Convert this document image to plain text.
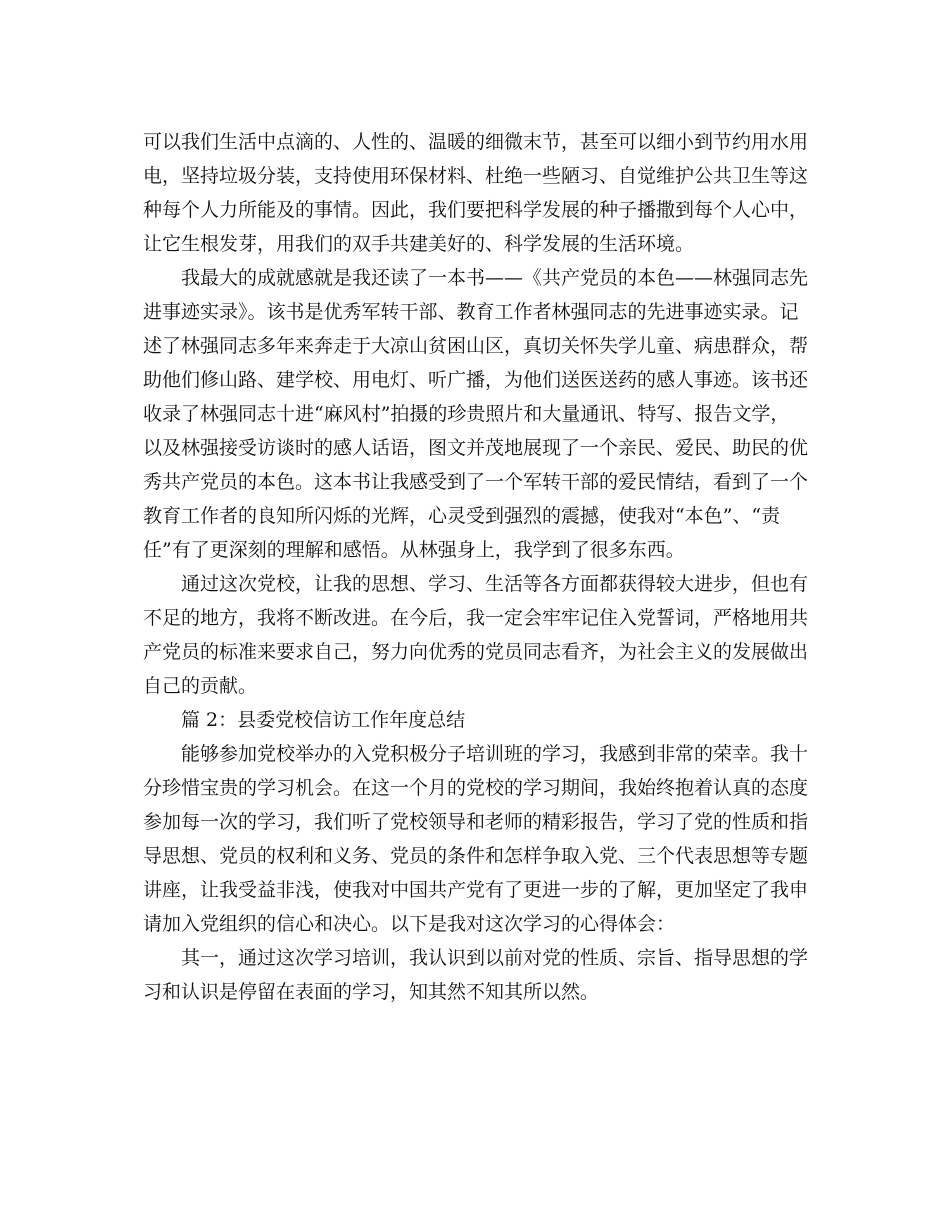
可以我们生活中点滴的、人性的、温暖的细微末节，甚至可以细小到节约用水用
电，坚持垃圾分装，支持使用环保材料、杜绝一些陋习、自觉维护公共卫生等这
种每个人力所能及的事情。因此，我们要把科学发展的种子播撒到每个人心中，
让它生根发芽，用我们的双手共建美好的、科学发展的生活环境。
我最大的成就感就是我还读了一本书——《共产党员的本色——林强同志先
进事迹实录》。该书是优秀军转干部、教育工作者林强同志的先进事迹实录。记
述了林强同志多年来奔走于大凉山贫困山区，真切关怀失学儿童、病患群众，帮
助他们修山路、建学校、用电灯、听广播，为他们送医送药的感人事迹。该书还
收录了林强同志十进“麻风村”拍摄的珍贵照片和大量通讯、特写、报告文学，
以及林强接受访谈时的感人话语，图文并茂地展现了一个亲民、爱民、助民的优
秀共产党员的本色。这本书让我感受到了一个军转干部的爱民情结，看到了一个
教育工作者的良知所闪烁的光辉，心灵受到强烈的震撼，使我对“本色”、“责
任”有了更深刻的理解和感悟。从林强身上，我学到了很多东西。
通过这次党校，让我的思想、学习、生活等各方面都获得较大进步，但也有
不足的地方，我将不断改进。在今后，我一定会牢牢记住入党誓词，严格地用共
产党员的标准来要求自己，努力向优秀的党员同志看齐，为社会主义的发展做出
自己的贡献。
篇 2：县委党校信访工作年度总结
能够参加党校举办的入党积极分子培训班的学习，我感到非常的荣幸。我十
分珍惜宝贵的学习机会。在这一个月的党校的学习期间，我始终抱着认真的态度
参加每一次的学习，我们听了党校领导和老师的精彩报告，学习了党的性质和指
导思想、党员的权利和义务、党员的条件和怎样争取入党、三个代表思想等专题
讲座，让我受益非浅，使我对中国共产党有了更进一步的了解，更加坚定了我申
请加入党组织的信心和决心。以下是我对这次学习的心得体会：
其一，通过这次学习培训，我认识到以前对党的性质、宗旨、指导思想的学
习和认识是停留在表面的学习，知其然不知其所以然。
